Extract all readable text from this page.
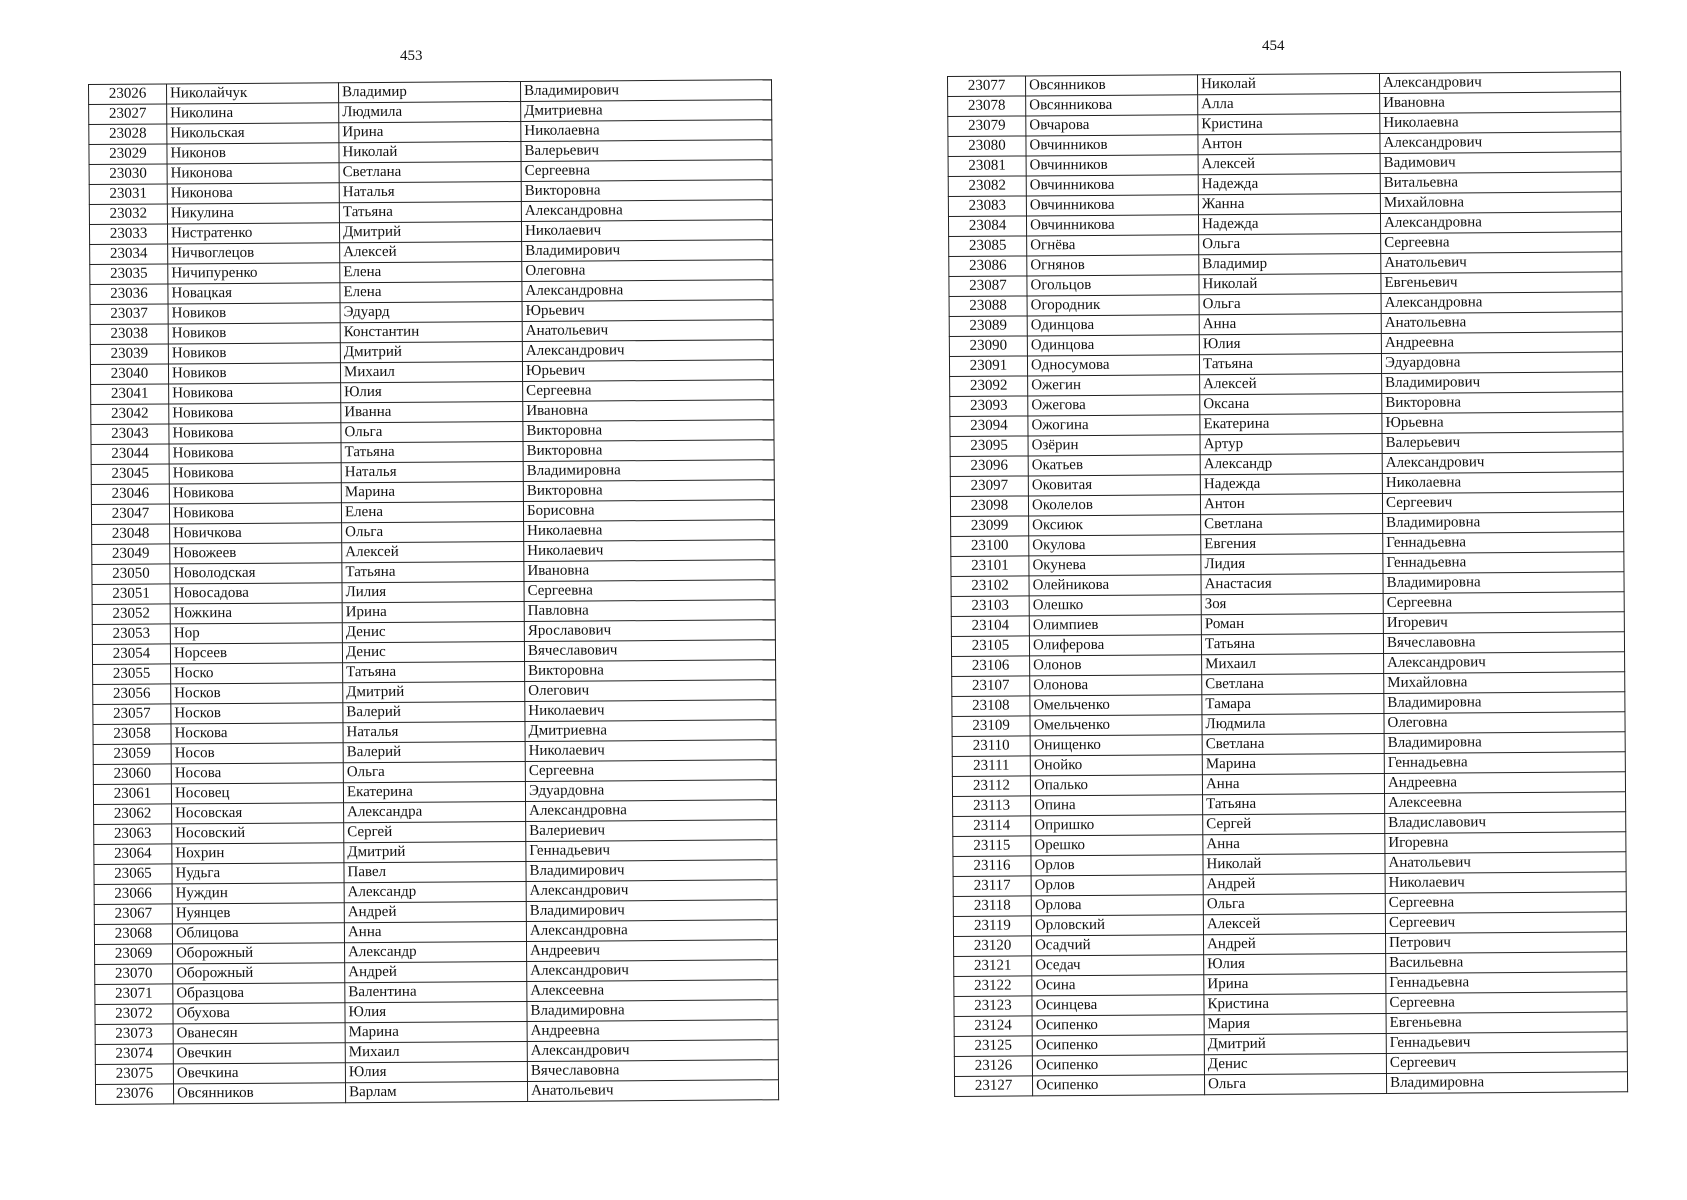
453
454
23026	Николайчук	Владимир	Владимирович
23027	Николина	Людмила	Дмитриевна
23028	Никольская	Ирина	Николаевна
23029	Никонов	Николай	Валерьевич
23030	Никонова	Светлана	Сергеевна
23031	Никонова	Наталья	Викторовна
23032	Никулина	Татьяна	Александровна
23033	Нистратенко	Дмитрий	Николаевич
23034	Ничвоглецов	Алексей	Владимирович
23035	Ничипуренко	Елена	Олеговна
23036	Новацкая	Елена	Александровна
23037	Новиков	Эдуард	Юрьевич
23038	Новиков	Константин	Анатольевич
23039	Новиков	Дмитрий	Александрович
23040	Новиков	Михаил	Юрьевич
23041	Новикова	Юлия	Сергеевна
23042	Новикова	Иванна	Ивановна
23043	Новикова	Ольга	Викторовна
23044	Новикова	Татьяна	Викторовна
23045	Новикова	Наталья	Владимировна
23046	Новикова	Марина	Викторовна
23047	Новикова	Елена	Борисовна
23048	Новичкова	Ольга	Николаевна
23049	Новожеев	Алексей	Николаевич
23050	Новолодская	Татьяна	Ивановна
23051	Новосадова	Лилия	Сергеевна
23052	Ножкина	Ирина	Павловна
23053	Нор	Денис	Ярославович
23054	Норсеев	Денис	Вячеславович
23055	Носко	Татьяна	Викторовна
23056	Носков	Дмитрий	Олегович
23057	Носков	Валерий	Николаевич
23058	Носкова	Наталья	Дмитриевна
23059	Носов	Валерий	Николаевич
23060	Носова	Ольга	Сергеевна
23061	Носовец	Екатерина	Эдуардовна
23062	Носовская	Александра	Александровна
23063	Носовский	Сергей	Валериевич
23064	Нохрин	Дмитрий	Геннадьевич
23065	Нудьга	Павел	Владимирович
23066	Нуждин	Александр	Александрович
23067	Нуянцев	Андрей	Владимирович
23068	Облицова	Анна	Александровна
23069	Оборожный	Александр	Андреевич
23070	Оборожный	Андрей	Александрович
23071	Образцова	Валентина	Алексеевна
23072	Обухова	Юлия	Владимировна
23073	Ованесян	Марина	Андреевна
23074	Овечкин	Михаил	Александрович
23075	Овечкина	Юлия	Вячеславовна
23076	Овсянников	Варлам	Анатольевич
23077	Овсянников	Николай	Александрович
23078	Овсянникова	Алла	Ивановна
23079	Овчарова	Кристина	Николаевна
23080	Овчинников	Антон	Александрович
23081	Овчинников	Алексей	Вадимович
23082	Овчинникова	Надежда	Витальевна
23083	Овчинникова	Жанна	Михайловна
23084	Овчинникова	Надежда	Александровна
23085	Огнёва	Ольга	Сергеевна
23086	Огнянов	Владимир	Анатольевич
23087	Огольцов	Николай	Евгеньевич
23088	Огородник	Ольга	Александровна
23089	Одинцова	Анна	Анатольевна
23090	Одинцова	Юлия	Андреевна
23091	Односумова	Татьяна	Эдуардовна
23092	Ожегин	Алексей	Владимирович
23093	Ожегова	Оксана	Викторовна
23094	Ожогина	Екатерина	Юрьевна
23095	Озёрин	Артур	Валерьевич
23096	Окатьев	Александр	Александрович
23097	Оковитая	Надежда	Николаевна
23098	Околелов	Антон	Сергеевич
23099	Оксиюк	Светлана	Владимировна
23100	Окулова	Евгения	Геннадьевна
23101	Окунева	Лидия	Геннадьевна
23102	Олейникова	Анастасия	Владимировна
23103	Олешко	Зоя	Сергеевна
23104	Олимпиев	Роман	Игоревич
23105	Олиферова	Татьяна	Вячеславовна
23106	Олонов	Михаил	Александрович
23107	Олонова	Светлана	Михайловна
23108	Омельченко	Тамара	Владимировна
23109	Омельченко	Людмила	Олеговна
23110	Онищенко	Светлана	Владимировна
23111	Онойко	Марина	Геннадьевна
23112	Опалько	Анна	Андреевна
23113	Опина	Татьяна	Алексеевна
23114	Опришко	Сергей	Владиславович
23115	Орешко	Анна	Игоревна
23116	Орлов	Николай	Анатольевич
23117	Орлов	Андрей	Николаевич
23118	Орлова	Ольга	Сергеевна
23119	Орловский	Алексей	Сергеевич
23120	Осадчий	Андрей	Петрович
23121	Оседач	Юлия	Васильевна
23122	Осина	Ирина	Геннадьевна
23123	Осинцева	Кристина	Сергеевна
23124	Осипенко	Мария	Евгеньевна
23125	Осипенко	Дмитрий	Геннадьевич
23126	Осипенко	Денис	Сергеевич
23127	Осипенко	Ольга	Владимировна
